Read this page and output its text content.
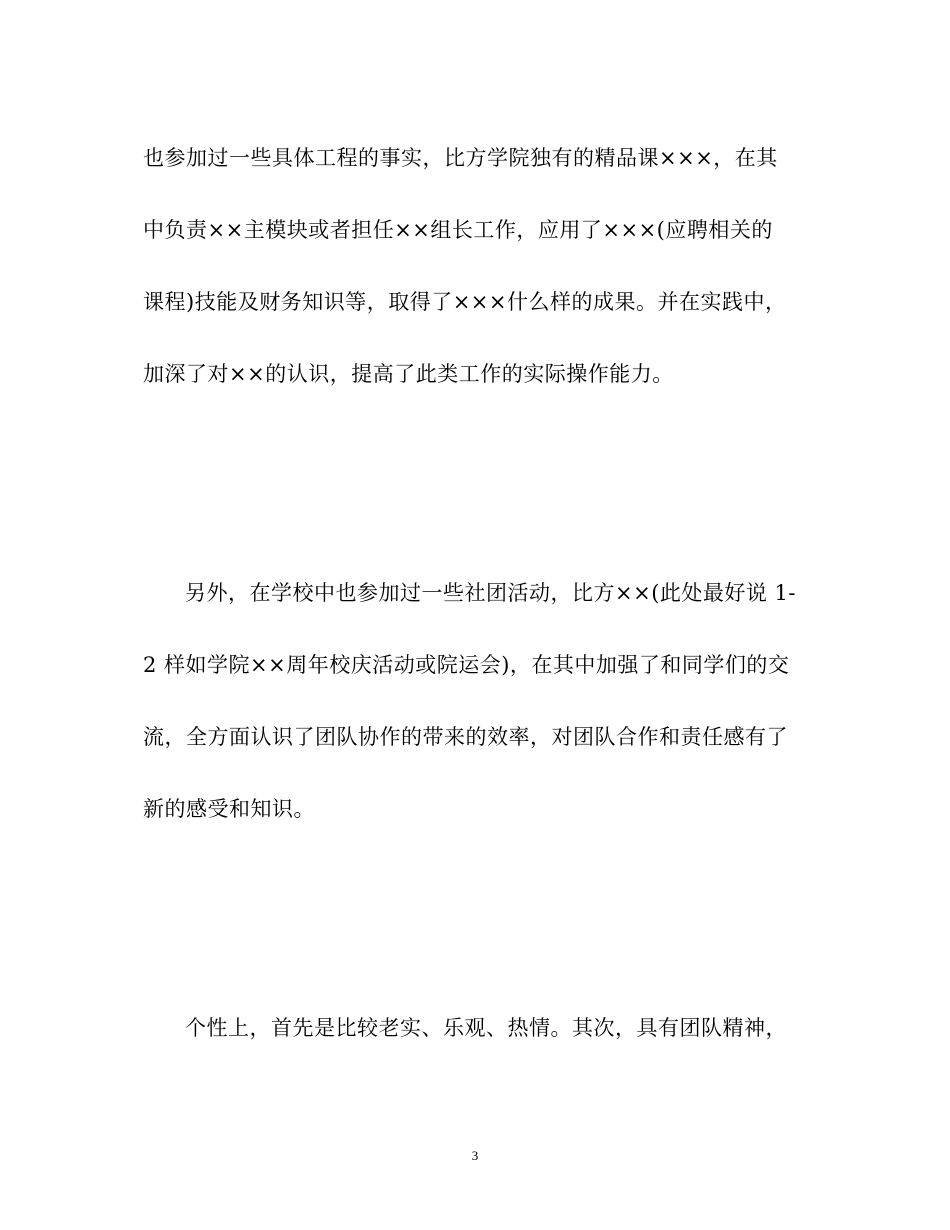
也参加过一些具体工程的事实，比方学院独有的精品课×××，在其
中负责××主模块或者担任××组长工作，应用了×××(应聘相关的
课程)技能及财务知识等，取得了×××什么样的成果。并在实践中，
加深了对××的认识，提高了此类工作的实际操作能力。
另外，在学校中也参加过一些社团活动，比方××(此处最好说 1-
2 样如学院××周年校庆活动或院运会)，在其中加强了和同学们的交
流，全方面认识了团队协作的带来的效率，对团队合作和责任感有了
新的感受和知识。
个性上，首先是比较老实、乐观、热情。其次，具有团队精神，
3
